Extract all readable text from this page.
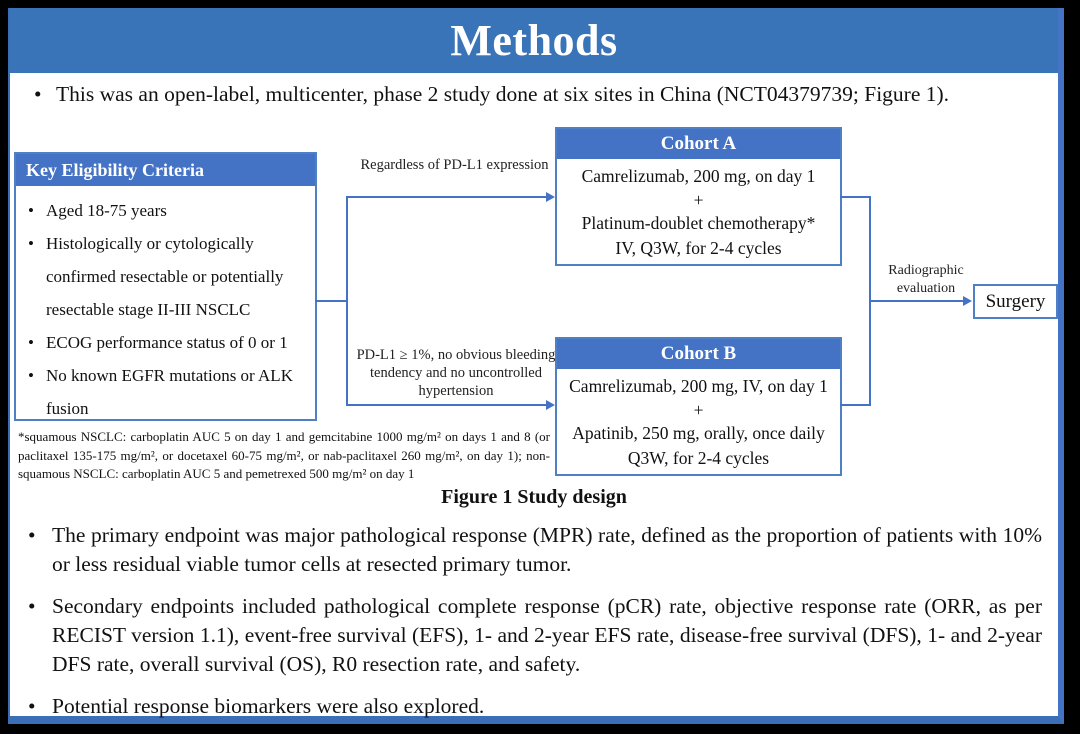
Methods
• This was an open-label, multicenter, phase 2 study done at six sites in China (NCT04379739; Figure 1).
Key Eligibility Criteria
• Aged 18-75 years
• Histologically or cytologically confirmed resectable or potentially resectable stage II-III NSCLC
• ECOG performance status of 0 or 1
• No known EGFR mutations or ALK fusion
Regardless of PD-L1 expression
PD-L1 ≥ 1%, no obvious bleeding tendency and no uncontrolled hypertension
Cohort A
Camrelizumab, 200 mg, on day 1
+
Platinum-doublet chemotherapy*
IV, Q3W, for 2-4 cycles
Cohort B
Camrelizumab, 200 mg, IV, on day 1
+
Apatinib, 250 mg, orally, once daily
Q3W, for 2-4 cycles
Radiographic evaluation
Surgery
*squamous NSCLC: carboplatin AUC 5 on day 1 and gemcitabine 1000 mg/m² on days 1 and 8 (or paclitaxel 135-175 mg/m², or docetaxel 60-75 mg/m², or nab-paclitaxel 260 mg/m², on day 1); non-squamous NSCLC: carboplatin AUC 5 and pemetrexed 500 mg/m² on day 1
Figure 1 Study design
• The primary endpoint was major pathological response (MPR) rate, defined as the proportion of patients with 10% or less residual viable tumor cells at resected primary tumor.
• Secondary endpoints included pathological complete response (pCR) rate, objective response rate (ORR, as per RECIST version 1.1), event-free survival (EFS), 1- and 2-year EFS rate, disease-free survival (DFS), 1- and 2-year DFS rate, overall survival (OS), R0 resection rate, and safety.
• Potential response biomarkers were also explored.
